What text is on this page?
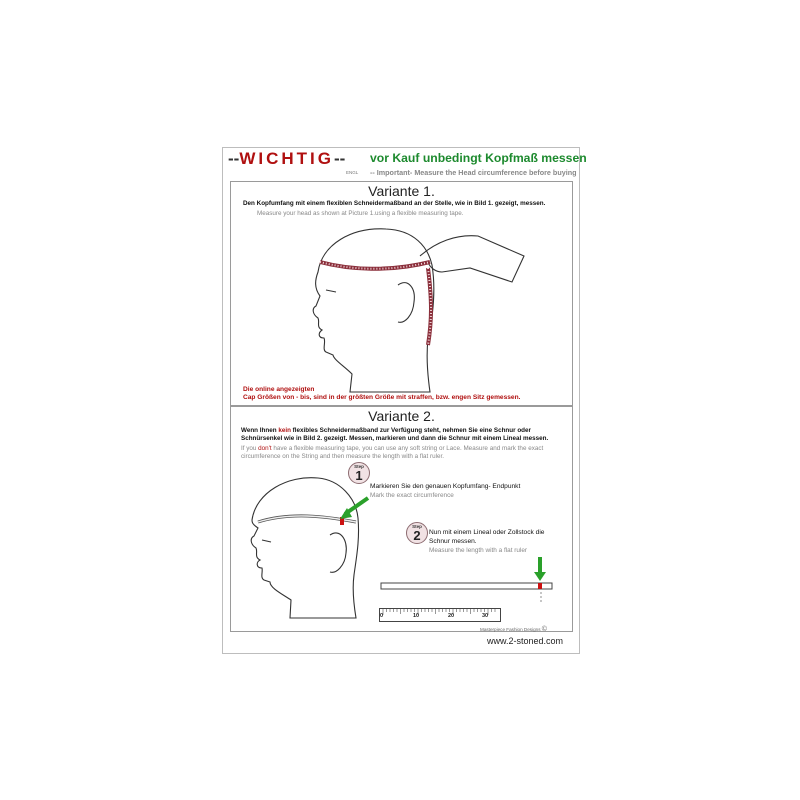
--WICHTIG-- vor Kauf unbedingt Kopfmaß messen
ENGL -- Important- Measure the Head circumference before buying
Variante 1.
Den Kopfumfang mit einem flexiblen Schneidermaßband an der Stelle, wie in Bild 1. gezeigt, messen.
Measure your head as shown at Picture 1.using a flexible measuring tape.
Die online angezeigten
Cap Größen von - bis, sind in der größten Größe mit straffen, bzw. engen Sitz gemessen.
Variante 2.
Wenn Ihnen kein flexibles Schneidermaßband zur Verfügung steht, nehmen Sie eine Schnur oder
Schnürsenkel wie in Bild 2. gezeigt. Messen, markieren und dann die Schnur mit einem Lineal messen.
If you don't have a flexible measuring tape, you can use any soft string or Lace. Measure and mark the exact
circumference on the String and then measure the length with a flat ruler.
Step
1
Markieren Sie den genauen Kopfumfang- Endpunkt
Mark the exact circumference
Step
2	Nun mit einem Lineal oder Zollstock die
Schnur messen.
Measure the length with a flat ruler
0	10	20	30
Masterpiece Fashion Designs ©
www.2-stoned.com
